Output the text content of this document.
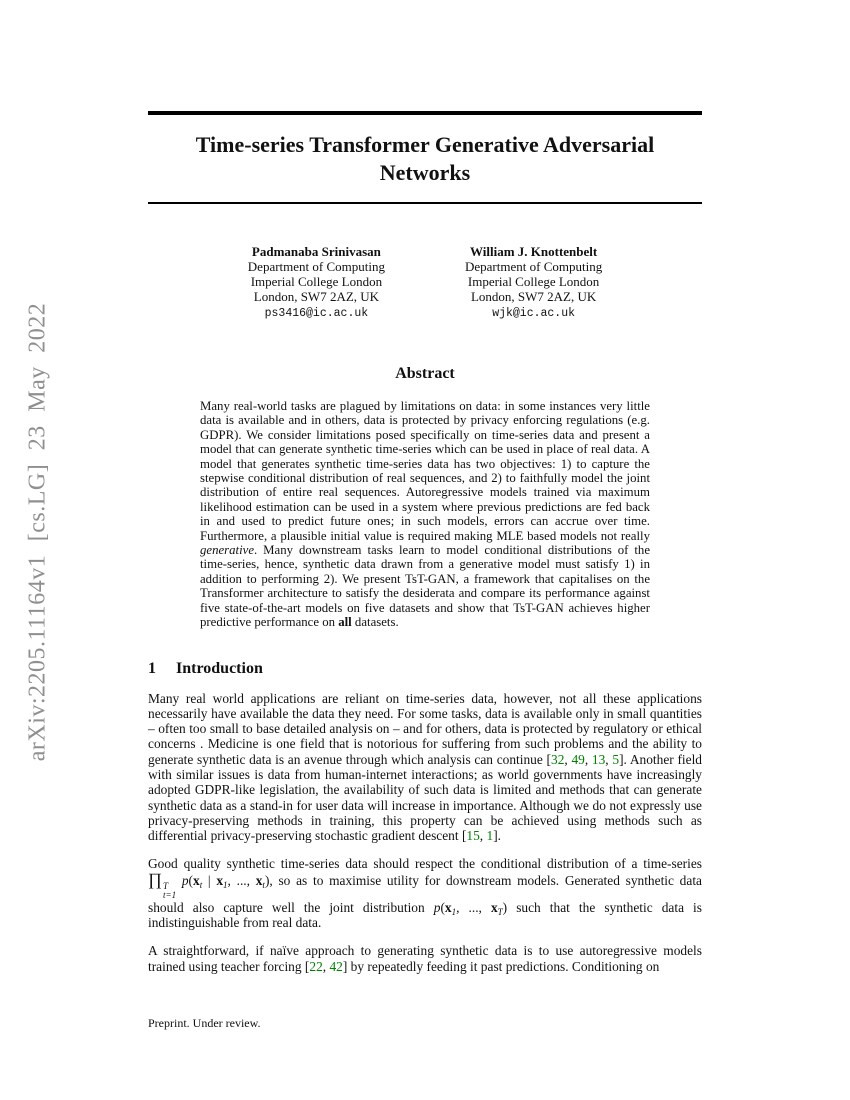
arXiv:2205.11164v1 [cs.LG] 23 May 2022
Time-series Transformer Generative Adversarial
Networks
Padmanaba Srinivasan
Department of Computing
Imperial College London
London, SW7 2AZ, UK
ps3416@ic.ac.uk
William J. Knottenbelt
Department of Computing
Imperial College London
London, SW7 2AZ, UK
wjk@ic.ac.uk
Abstract

Many real-world tasks are plagued by limitations on data: in some instances very little data is available and in others, data is protected by privacy enforcing regulations (e.g. GDPR). We consider limitations posed specifically on time-series data and present a model that can generate synthetic time-series which can be used in place of real data. A model that generates synthetic time-series data has two objectives: 1) to capture the stepwise conditional distribution of real sequences, and 2) to faithfully model the joint distribution of entire real sequences. Autoregressive models trained via maximum likelihood estimation can be used in a system where previous predictions are fed back in and used to predict future ones; in such models, errors can accrue over time. Furthermore, a plausible initial value is required making MLE based models not really generative. Many downstream tasks learn to model conditional distributions of the time-series, hence, synthetic data drawn from a generative model must satisfy 1) in addition to performing 2). We present TsT-GAN, a framework that capitalises on the Transformer architecture to satisfy the desiderata and compare its performance against five state-of-the-art models on five datasets and show that TsT-GAN achieves higher predictive performance on all datasets.

1 Introduction

Many real world applications are reliant on time-series data, however, not all these applications necessarily have available the data they need. For some tasks, data is available only in small quantities – often too small to base detailed analysis on – and for others, data is protected by regulatory or ethical concerns . Medicine is one field that is notorious for suffering from such problems and the ability to generate synthetic data is an avenue through which analysis can continue [32, 49, 13, 5]. Another field with similar issues is data from human-internet interactions; as world governments have increasingly adopted GDPR-like legislation, the availability of such data is limited and methods that can generate synthetic data as a stand-in for user data will increase in importance. Although we do not expressly use privacy-preserving methods in training, this property can be achieved using methods such as differential privacy-preserving stochastic gradient descent [15, 1].

Good quality synthetic time-series data should respect the conditional distribution of a time-series ∏ T
t=1
$p(x_t$ | $x_1$, ..., $x_t$), so as to maximise utility for downstream models. Generated synthetic data should also capture well the joint distribution $p(x_1$, ..., $x_T$) such that the synthetic data is indistinguishable from real data.

A straightforward, if naïve approach to generating synthetic data is to use autoregressive models trained using teacher forcing [22, 42] by repeatedly feeding it past predictions. Conditioning on

Preprint. Under review.
